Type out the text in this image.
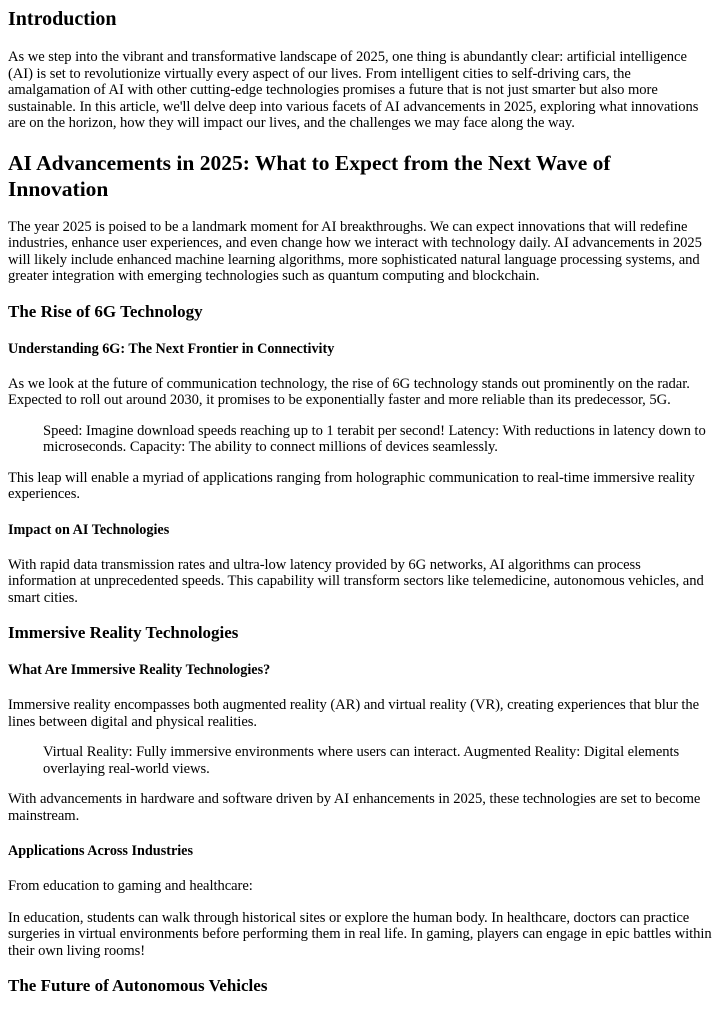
Introduction

As we step into the vibrant and transformative landscape of 2025, one thing is abundantly clear: artificial intelligence (AI) is set to revolutionize virtually every aspect of our lives. From intelligent cities to self-driving cars, the amalgamation of AI with other cutting-edge technologies promises a future that is not just smarter but also more sustainable. In this article, we'll delve deep into various facets of AI advancements in 2025, exploring what innovations are on the horizon, how they will impact our lives, and the challenges we may face along the way.

AI Advancements in 2025: What to Expect from the Next Wave of Innovation

The year 2025 is poised to be a landmark moment for AI breakthroughs. We can expect innovations that will redefine industries, enhance user experiences, and even change how we interact with technology daily. AI advancements in 2025 will likely include enhanced machine learning algorithms, more sophisticated natural language processing systems, and greater integration with emerging technologies such as quantum computing and blockchain.

The Rise of 6G Technology
Understanding 6G: The Next Frontier in Connectivity

As we look at the future of communication technology, the rise of 6G technology stands out prominently on the radar. Expected to roll out around 2030, it promises to be exponentially faster and more reliable than its predecessor, 5G.

Speed: Imagine download speeds reaching up to 1 terabit per second! Latency: With reductions in latency down to microseconds. Capacity: The ability to connect millions of devices seamlessly.

This leap will enable a myriad of applications ranging from holographic communication to real-time immersive reality experiences.

Impact on AI Technologies

With rapid data transmission rates and ultra-low latency provided by 6G networks, AI algorithms can process information at unprecedented speeds. This capability will transform sectors like telemedicine, autonomous vehicles, and smart cities.

Immersive Reality Technologies
What Are Immersive Reality Technologies?

Immersive reality encompasses both augmented reality (AR) and virtual reality (VR), creating experiences that blur the lines between digital and physical realities.

Virtual Reality: Fully immersive environments where users can interact. Augmented Reality: Digital elements overlaying real-world views.

With advancements in hardware and software driven by AI enhancements in 2025, these technologies are set to become mainstream.

Applications Across Industries

From education to gaming and healthcare:

In education, students can walk through historical sites or explore the human body. In healthcare, doctors can practice surgeries in virtual environments before performing them in real life. In gaming, players can engage in epic battles within their own living rooms!

The Future of Autonomous Vehicles
